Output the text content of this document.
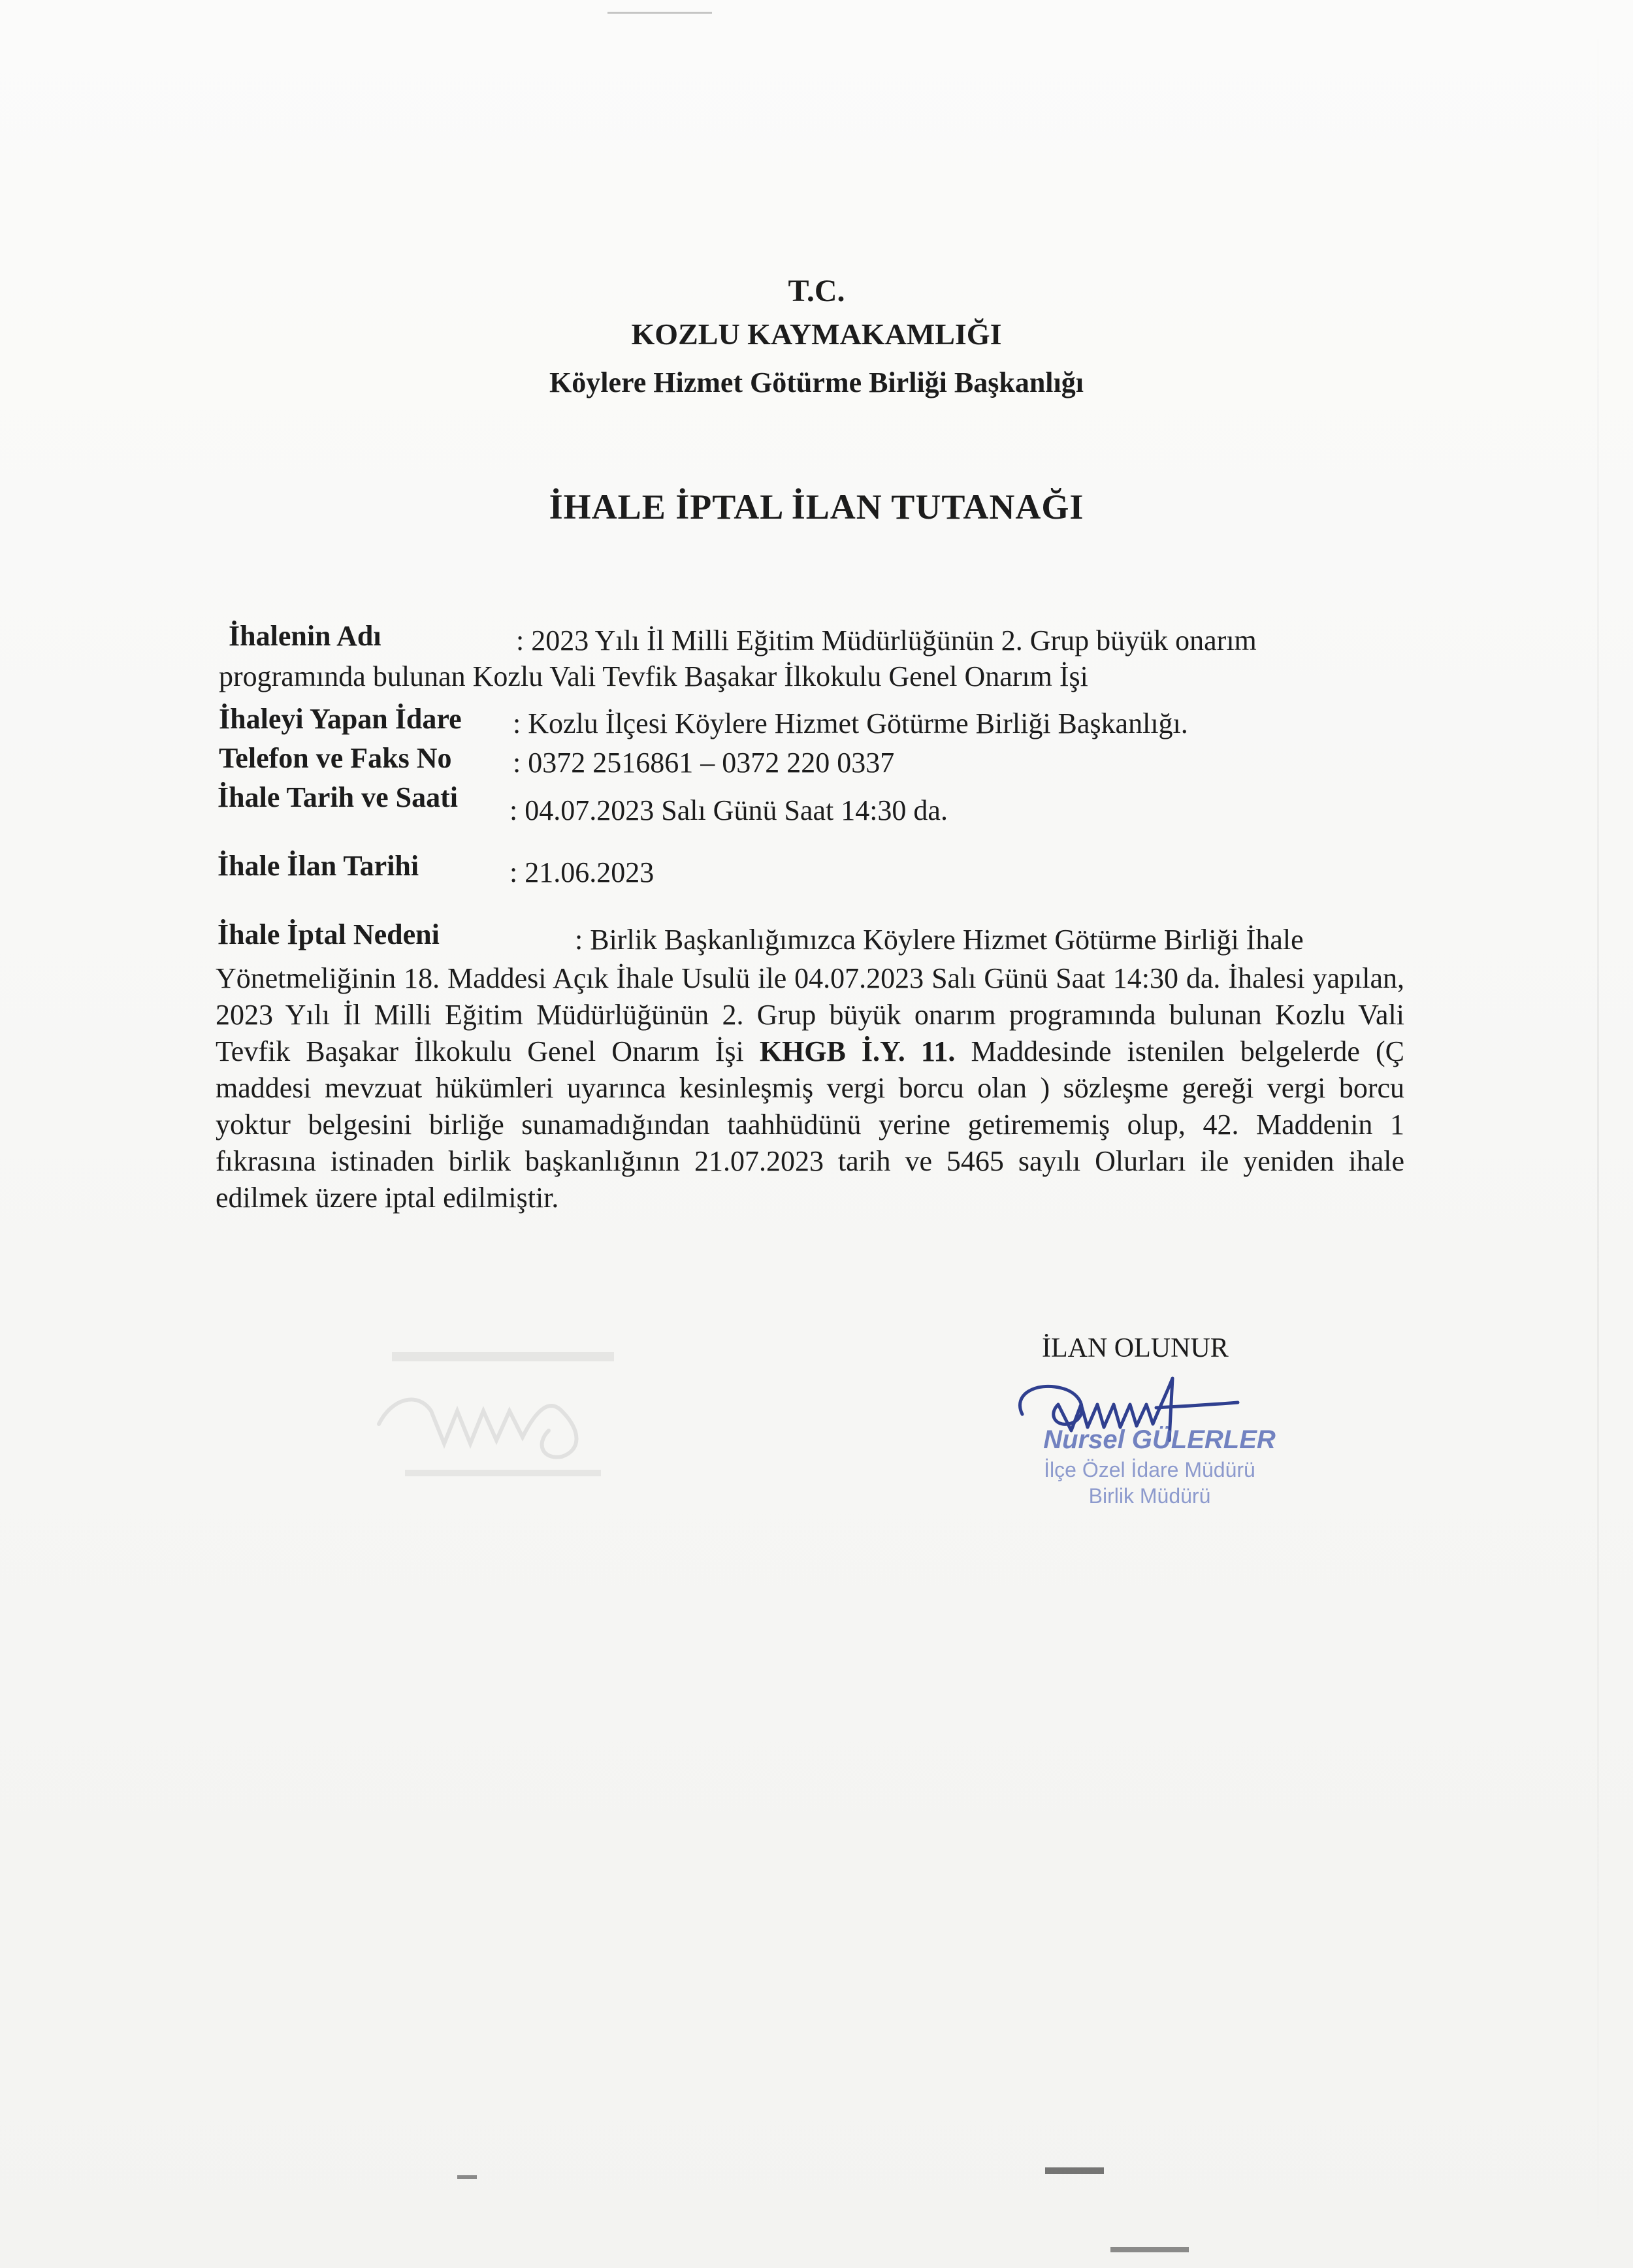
T.C.
KOZLU KAYMAKAMLIĞI
Köylere Hizmet Götürme Birliği Başkanlığı
İHALE İPTAL İLAN TUTANAĞI
İhalenin Adı	: 2023 Yılı İl Milli Eğitim Müdürlüğünün 2. Grup büyük onarım
programında bulunan Kozlu Vali Tevfik Başakar İlkokulu Genel Onarım İşi
İhaleyi Yapan İdare : Kozlu İlçesi Köylere Hizmet Götürme Birliği Başkanlığı.
Telefon ve Faks No : 0372 2516861 – 0372 220 0337
İhale Tarih ve Saati : 04.07.2023 Salı Günü Saat 14:30 da.
İhale İlan Tarihi	: 21.06.2023
İhale İptal Nedeni	: Birlik Başkanlığımızca Köylere Hizmet Götürme Birliği İhale
Yönetmeliğinin 18. Maddesi Açık İhale Usulü ile 04.07.2023 Salı Günü Saat 14:30 da. İhalesi yapılan, 2023 Yılı İl Milli Eğitim Müdürlüğünün 2. Grup büyük onarım programında bulunan Kozlu Vali Tevfik Başakar İlkokulu Genel Onarım İşi KHGB İ.Y. 11. Maddesinde istenilen belgelerde (Ç maddesi mevzuat hükümleri uyarınca kesinleşmiş vergi borcu olan ) sözleşme gereği vergi borcu yoktur belgesini birliğe sunamadığından taahhüdünü yerine getirememiş olup, 42. Maddenin 1 fıkrasına istinaden birlik başkanlığının 21.07.2023 tarih ve 5465 sayılı Olurları ile yeniden ihale edilmek üzere iptal edilmiştir.
İLAN OLUNUR
Nursel GÜLERLER
İlçe Özel İdare Müdürü
Birlik Müdürü
